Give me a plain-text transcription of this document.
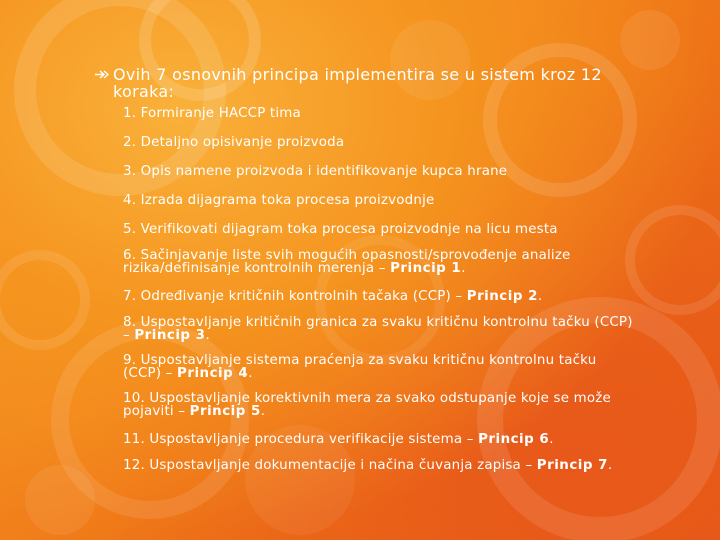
Ovih 7 osnovnih principa implementira se u sistem kroz 12 koraka:
1. Formiranje HACCP tima
2. Detaljno opisivanje proizvoda
3. Opis namene proizvoda i identifikovanje kupca hrane
4. Izrada dijagrama toka procesa proizvodnje
5. Verifikovati dijagram toka procesa proizvodnje na licu mesta
6. Sačinjavanje liste svih mogućih opasnosti/sprovođenje analize rizika/definisanje kontrolnih merenja – Princip 1.
7. Određivanje kritičnih kontrolnih tačaka (CCP) – Princip 2.
8. Uspostavljanje kritičnih granica za svaku kritičnu kontrolnu tačku (CCP) – Princip 3.
9. Uspostavljanje sistema praćenja za svaku kritičnu kontrolnu tačku (CCP) – Princip 4.
10. Uspostavljanje korektivnih mera za svako odstupanje koje se može pojaviti – Princip 5.
11. Uspostavljanje procedura verifikacije sistema – Princip 6.
12. Uspostavljanje dokumentacije i načina čuvanja zapisa – Princip 7.
